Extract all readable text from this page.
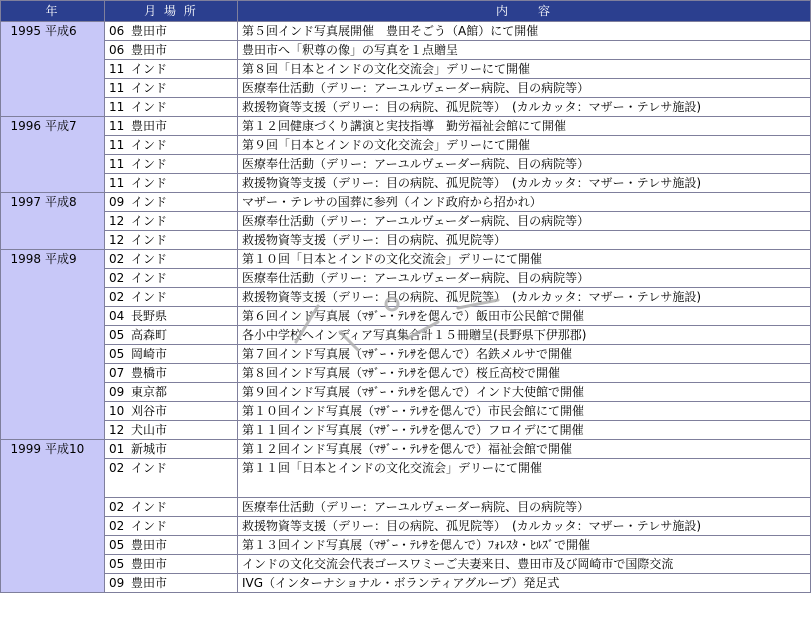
年	月 場 所	内　　容
1995 平成6	06 豊田市	第５回インド写真展開催　豊田そごう（A館）にて開催
	06 豊田市	豊田市へ「釈尊の像」の写真を１点贈呈
	11 インド	第８回「日本とインドの文化交流会」デリーにて開催
	11 インド	医療奉仕活動（デリー：アーユルヴェーダー病院、目の病院等）
	11 インド	救援物資等支援（デリー：目の病院、孤児院等）　(カルカッタ：マザー・テレサ施設)
1996 平成7	11 豊田市	第１２回健康づくり講演と実技指導　勤労福祉会館にて開催
	11 インド	第９回「日本とインドの文化交流会」デリーにて開催
	11 インド	医療奉仕活動（デリー：アーユルヴェーダー病院、目の病院等）
	11 インド	救援物資等支援（デリー：目の病院、孤児院等）　(カルカッタ：マザー・テレサ施設)
1997 平成8	09 インド	マザー・テレサの国葬に参列（インド政府から招かれ）
	12 インド	医療奉仕活動（デリー：アーユルヴェーダー病院、目の病院等）
	12 インド	救援物資等支援（デリー：目の病院、孤児院等）
1998 平成9	02 インド	第１０回「日本とインドの文化交流会」デリーにて開催
	02 インド	医療奉仕活動（デリー：アーユルヴェーダー病院、目の病院等）
	02 インド	救援物資等支援（デリー：目の病院、孤児院等）　(カルカッタ：マザー・テレサ施設)
	04 長野県	第６回インド写真展（ﾏｻﾞｰ・ﾃﾚｻを偲んで）飯田市公民館で開催
	05 高森町	各小中学校へインディア写真集合計１５冊贈呈(長野県下伊那郡)
	05 岡崎市	第７回インド写真展（ﾏｻﾞｰ・ﾃﾚｻを偲んで）名鉄メルサで開催
	07 豊橋市	第８回インド写真展（ﾏｻﾞｰ・ﾃﾚｻを偲んで）桜丘高校で開催
	09 東京都	第９回インド写真展（ﾏｻﾞｰ・ﾃﾚｻを偲んで）インド大使館で開催
	10 刈谷市	第１０回インド写真展（ﾏｻﾞｰ・ﾃﾚｻを偲んで）市民会館にて開催
	12 犬山市	第１１回インド写真展（ﾏｻﾞｰ・ﾃﾚｻを偲んで）フロイデにて開催
1999 平成10	01 新城市	第１２回インド写真展（ﾏｻﾞｰ・ﾃﾚｻを偲んで）福祉会館で開催
	02 インド	第１１回「日本とインドの文化交流会」デリーにて開催
	02 インド	医療奉仕活動（デリー：アーユルヴェーダー病院、目の病院等）
	02 インド	救援物資等支援（デリー：目の病院、孤児院等）　(カルカッタ：マザー・テレサ施設)
	05 豊田市	第１３回インド写真展（ﾏｻﾞｰ・ﾃﾚｻを偲んで）ﾌｫﾚｽﾀ・ﾋﾙｽﾞで開催
	05 豊田市	インドの文化交流会代表ゴースワミーご夫妻来日、豊田市及び岡崎市で国際交流
	09 豊田市	IVG（インターナショナル・ボランティアグループ）発足式
